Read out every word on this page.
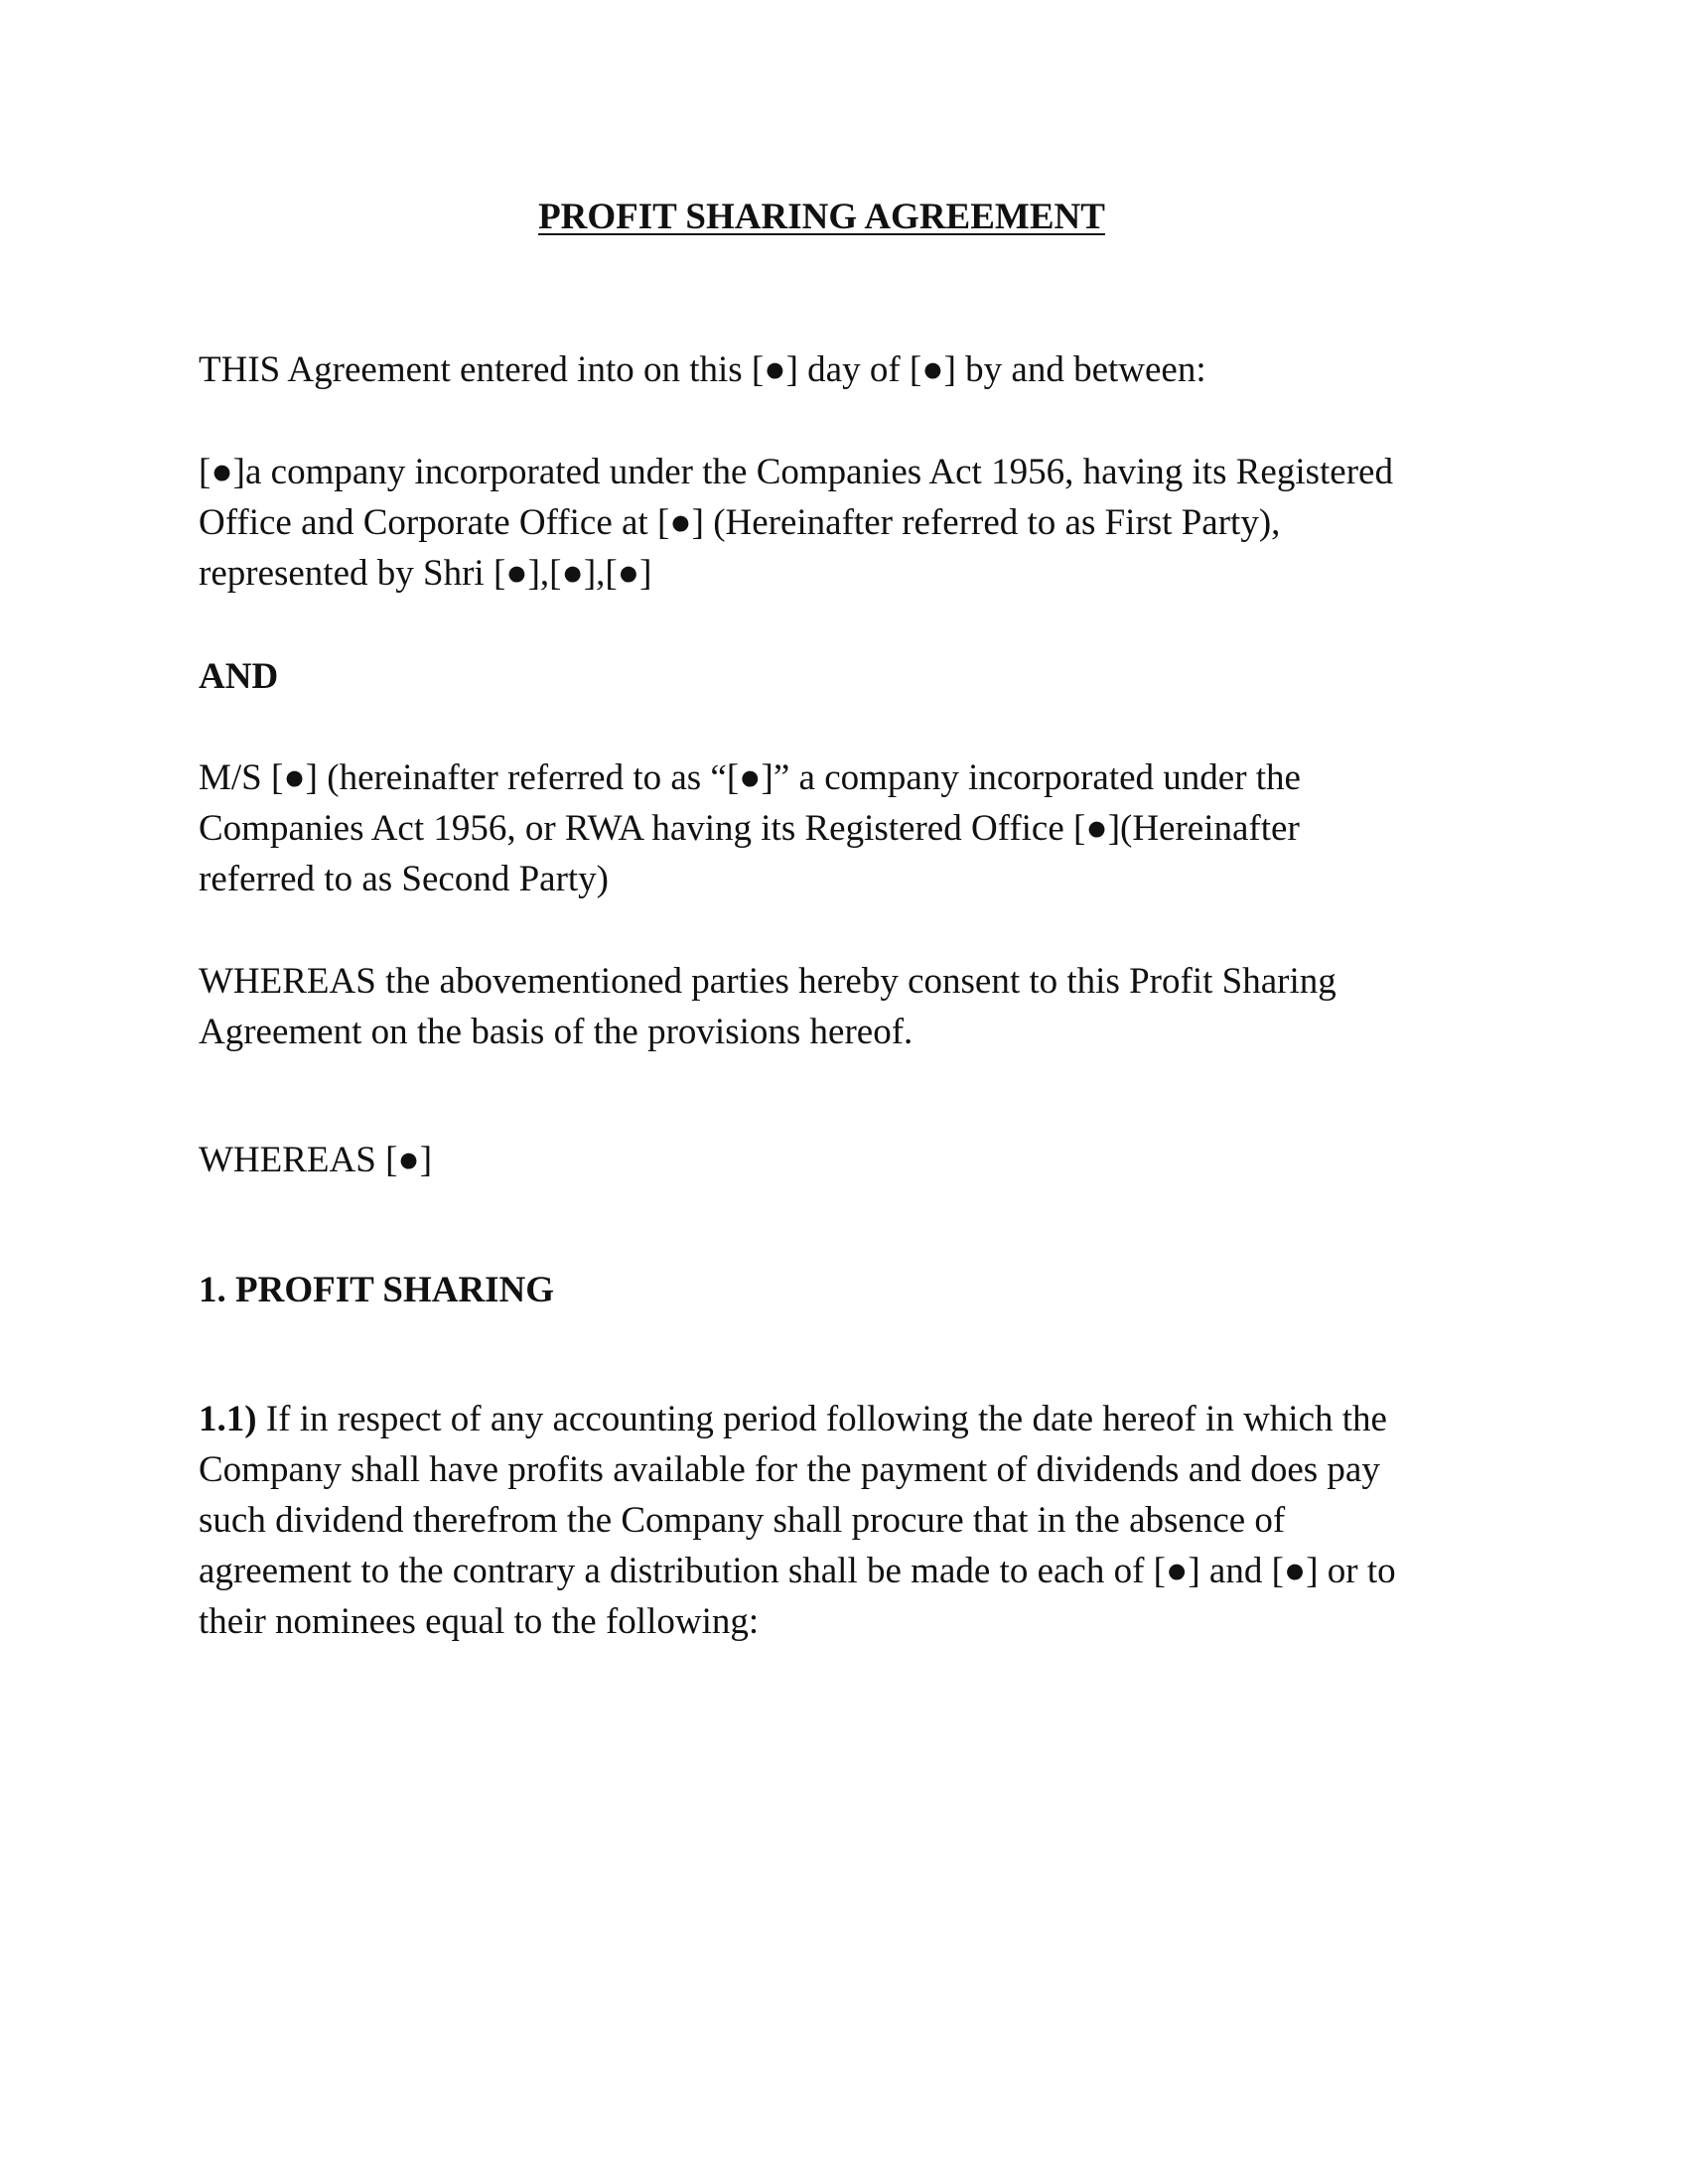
PROFIT SHARING AGREEMENT

THIS Agreement entered into on this [●] day of [●] by and between:

[●]a company incorporated under the Companies Act 1956, having its Registered
Office and Corporate Office at [●] (Hereinafter referred to as First Party),
represented by Shri [●],[●],[●]

AND

M/S [●] (hereinafter referred to as “[●]” a company incorporated under the
Companies Act 1956, or RWA having its Registered Office [●](Hereinafter
referred to as Second Party)

WHEREAS the abovementioned parties hereby consent to this Profit Sharing
Agreement on the basis of the provisions hereof.

WHEREAS [●]

1. PROFIT SHARING

1.1) If in respect of any accounting period following the date hereof in which the
Company shall have profits available for the payment of dividends and does pay
such dividend therefrom the Company shall procure that in the absence of
agreement to the contrary a distribution shall be made to each of [●] and [●] or to
their nominees equal to the following:
